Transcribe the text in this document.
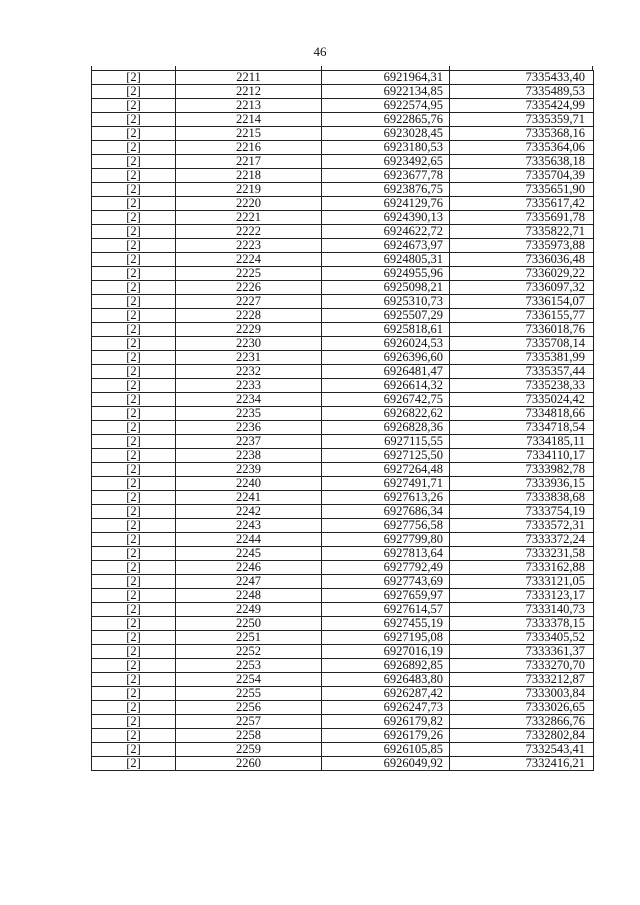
46
[2]	2211	6921964,31	7335433,40
[2]	2212	6922134,85	7335489,53
[2]	2213	6922574,95	7335424,99
[2]	2214	6922865,76	7335359,71
[2]	2215	6923028,45	7335368,16
[2]	2216	6923180,53	7335364,06
[2]	2217	6923492,65	7335638,18
[2]	2218	6923677,78	7335704,39
[2]	2219	6923876,75	7335651,90
[2]	2220	6924129,76	7335617,42
[2]	2221	6924390,13	7335691,78
[2]	2222	6924622,72	7335822,71
[2]	2223	6924673,97	7335973,88
[2]	2224	6924805,31	7336036,48
[2]	2225	6924955,96	7336029,22
[2]	2226	6925098,21	7336097,32
[2]	2227	6925310,73	7336154,07
[2]	2228	6925507,29	7336155,77
[2]	2229	6925818,61	7336018,76
[2]	2230	6926024,53	7335708,14
[2]	2231	6926396,60	7335381,99
[2]	2232	6926481,47	7335357,44
[2]	2233	6926614,32	7335238,33
[2]	2234	6926742,75	7335024,42
[2]	2235	6926822,62	7334818,66
[2]	2236	6926828,36	7334718,54
[2]	2237	6927115,55	7334185,11
[2]	2238	6927125,50	7334110,17
[2]	2239	6927264,48	7333982,78
[2]	2240	6927491,71	7333936,15
[2]	2241	6927613,26	7333838,68
[2]	2242	6927686,34	7333754,19
[2]	2243	6927756,58	7333572,31
[2]	2244	6927799,80	7333372,24
[2]	2245	6927813,64	7333231,58
[2]	2246	6927792,49	7333162,88
[2]	2247	6927743,69	7333121,05
[2]	2248	6927659,97	7333123,17
[2]	2249	6927614,57	7333140,73
[2]	2250	6927455,19	7333378,15
[2]	2251	6927195,08	7333405,52
[2]	2252	6927016,19	7333361,37
[2]	2253	6926892,85	7333270,70
[2]	2254	6926483,80	7333212,87
[2]	2255	6926287,42	7333003,84
[2]	2256	6926247,73	7333026,65
[2]	2257	6926179,82	7332866,76
[2]	2258	6926179,26	7332802,84
[2]	2259	6926105,85	7332543,41
[2]	2260	6926049,92	7332416,21
